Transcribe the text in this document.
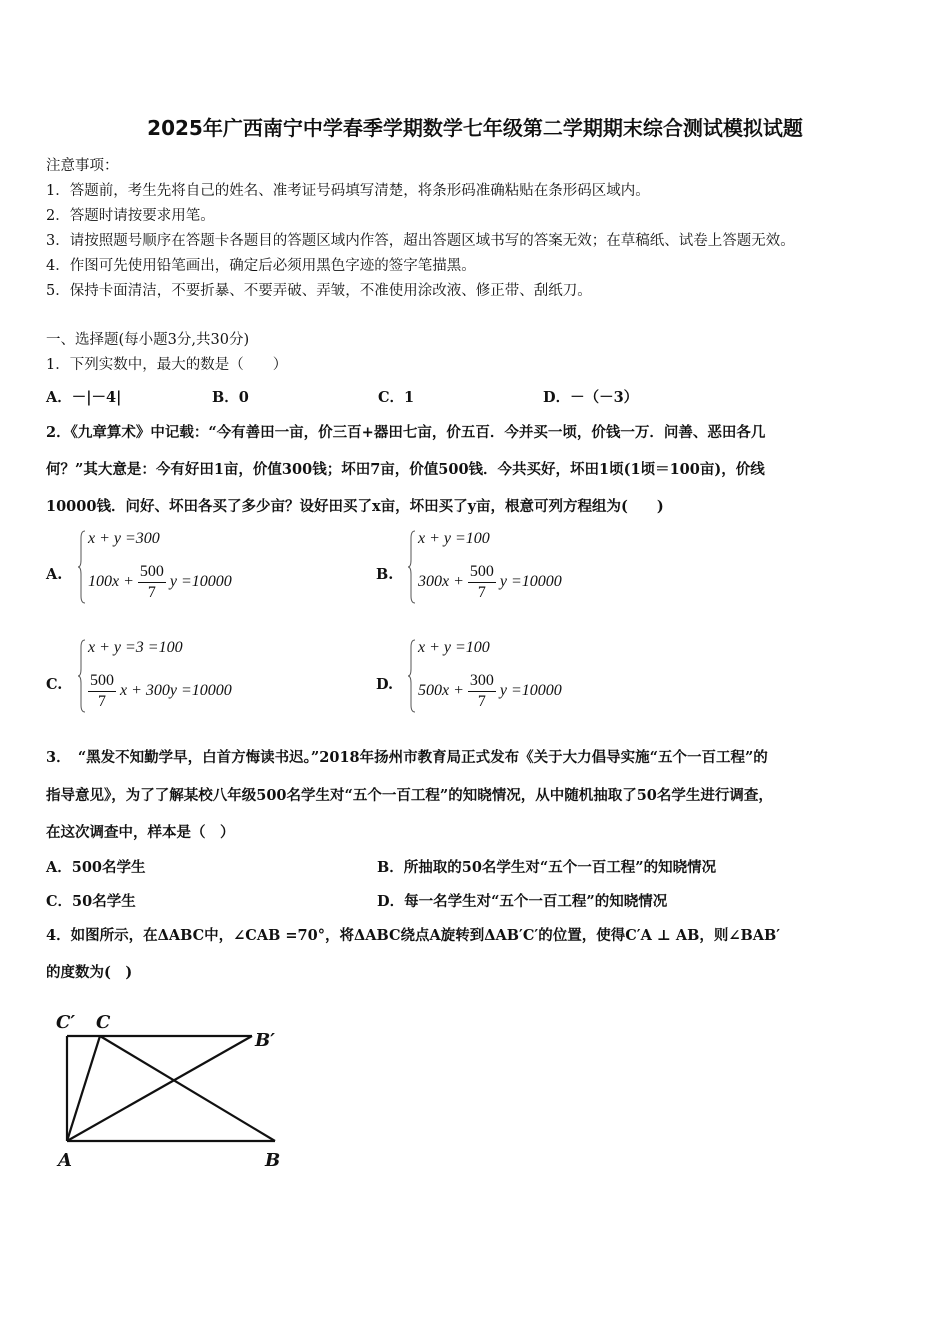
2025年广西南宁中学春季学期数学七年级第二学期期末综合测试模拟试题
注意事项：
1．答题前，考生先将自己的姓名、准考证号码填写清楚，将条形码准确粘贴在条形码区域内。
2．答题时请按要求用笔。
3．请按照题号顺序在答题卡各题目的答题区域内作答，超出答题区域书写的答案无效；在草稿纸、试卷上答题无效。
4．作图可先使用铅笔画出，确定后必须用黑色字迹的签字笔描黑。
5．保持卡面清洁，不要折暴、不要弄破、弄皱，不准使用涂改液、修正带、刮纸刀。
一、选择题(每小题3分,共30分)
1．下列实数中，最大的数是（　　）
A．－|－4|	B．0	C．1	D．－（－3）
2．《九章算术》中记载：“今有善田一亩，价三百+器田七亩，价五百．今并买一顷，价钱一万．问善、恶田各几
何？”其大意是：今有好田1亩，价值300钱；坏田7亩，价值500钱．今共买好，坏田1顷(1顷＝100亩)，价线
10000钱．问好、坏田各买了多少亩？设好田买了x亩，坏田买了y亩，根意可列方程组为(　　)
A.
x + y =300
$100x + \frac{500}{7}$ y =10000	B.
x + y =100
$300x + \frac{500}{7}$ y =10000
C.
x + y =3 =100
$\frac{500}{7}$ x + 300y =10000	D.
x + y =100
$500x + \frac{300}{7}$ y =10000
3．　“黑发不知勤学早，白首方悔读书迟。”2018年扬州市教育局正式发布《关于大力倡导实施“五个一百工程”的
指导意见》，为了了解某校八年级500名学生对“五个一百工程”的知晓情况，从中随机抽取了50名学生进行调查，
在这次调查中，样本是（　）
A．500名学生	B．所抽取的50名学生对“五个一百工程”的知晓情况
C．50名学生	D．每一名学生对“五个一百工程”的知晓情况
4．如图所示，在ΔABC中，∠CAB =70°，将ΔABC绕点A旋转到ΔAB′C′的位置，使得C′A ⊥ AB，则∠BAB′
的度数为(　)
C′ C
B′
A	B
